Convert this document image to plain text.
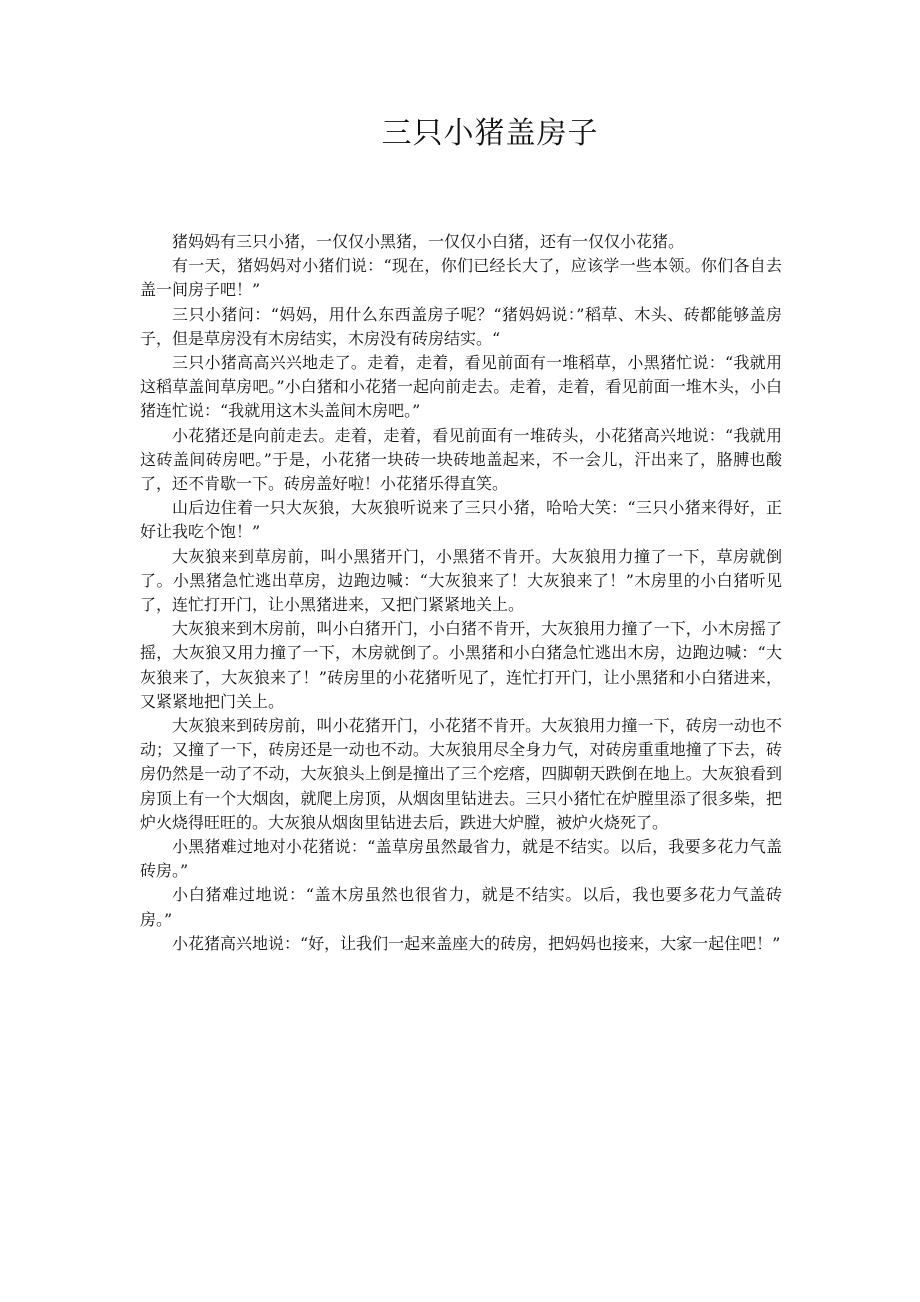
三只小猪盖房子

猪妈妈有三只小猪，一仅仅小黑猪，一仅仅小白猪，还有一仅仅小花猪。

有一天，猪妈妈对小猪们说：“现在，你们已经长大了，应该学一些本领。你们各自去盖一间房子吧！”

三只小猪问：“妈妈，用什么东西盖房子呢？“猪妈妈说：”稻草、木头、砖都能够盖房子，但是草房没有木房结实，木房没有砖房结实。“

三只小猪高高兴兴地走了。走着，走着，看见前面有一堆稻草，小黑猪忙说：“我就用这稻草盖间草房吧。”小白猪和小花猪一起向前走去。走着，走着，看见前面一堆木头，小白猪连忙说：“我就用这木头盖间木房吧。”

小花猪还是向前走去。走着，走着，看见前面有一堆砖头，小花猪高兴地说：“我就用这砖盖间砖房吧。”于是，小花猪一块砖一块砖地盖起来，不一会儿，汗出来了，胳膊也酸了，还不肯歇一下。砖房盖好啦！小花猪乐得直笑。

山后边住着一只大灰狼，大灰狼听说来了三只小猪，哈哈大笑：“三只小猪来得好，正好让我吃个饱！”

大灰狼来到草房前，叫小黑猪开门，小黑猪不肯开。大灰狼用力撞了一下，草房就倒了。小黑猪急忙逃出草房，边跑边喊：“大灰狼来了！大灰狼来了！”木房里的小白猪听见了，连忙打开门，让小黑猪进来，又把门紧紧地关上。

大灰狼来到木房前，叫小白猪开门，小白猪不肯开，大灰狼用力撞了一下，小木房摇了摇，大灰狼又用力撞了一下，木房就倒了。小黑猪和小白猪急忙逃出木房，边跑边喊：“大灰狼来了，大灰狼来了！”砖房里的小花猪听见了，连忙打开门，让小黑猪和小白猪进来，又紧紧地把门关上。

大灰狼来到砖房前，叫小花猪开门，小花猪不肯开。大灰狼用力撞一下，砖房一动也不动；又撞了一下，砖房还是一动也不动。大灰狼用尽全身力气，对砖房重重地撞了下去，砖房仍然是一动了不动，大灰狼头上倒是撞出了三个疙瘩，四脚朝天跌倒在地上。大灰狼看到房顶上有一个大烟囱，就爬上房顶，从烟囱里钻进去。三只小猪忙在炉膛里添了很多柴，把炉火烧得旺旺的。大灰狼从烟囱里钻进去后，跌进大炉膛，被炉火烧死了。

小黑猪难过地对小花猪说：“盖草房虽然最省力，就是不结实。以后，我要多花力气盖砖房。”

小白猪难过地说：“盖木房虽然也很省力，就是不结实。以后，我也要多花力气盖砖房。”

小花猪高兴地说：“好，让我们一起来盖座大的砖房，把妈妈也接来，大家一起住吧！”
